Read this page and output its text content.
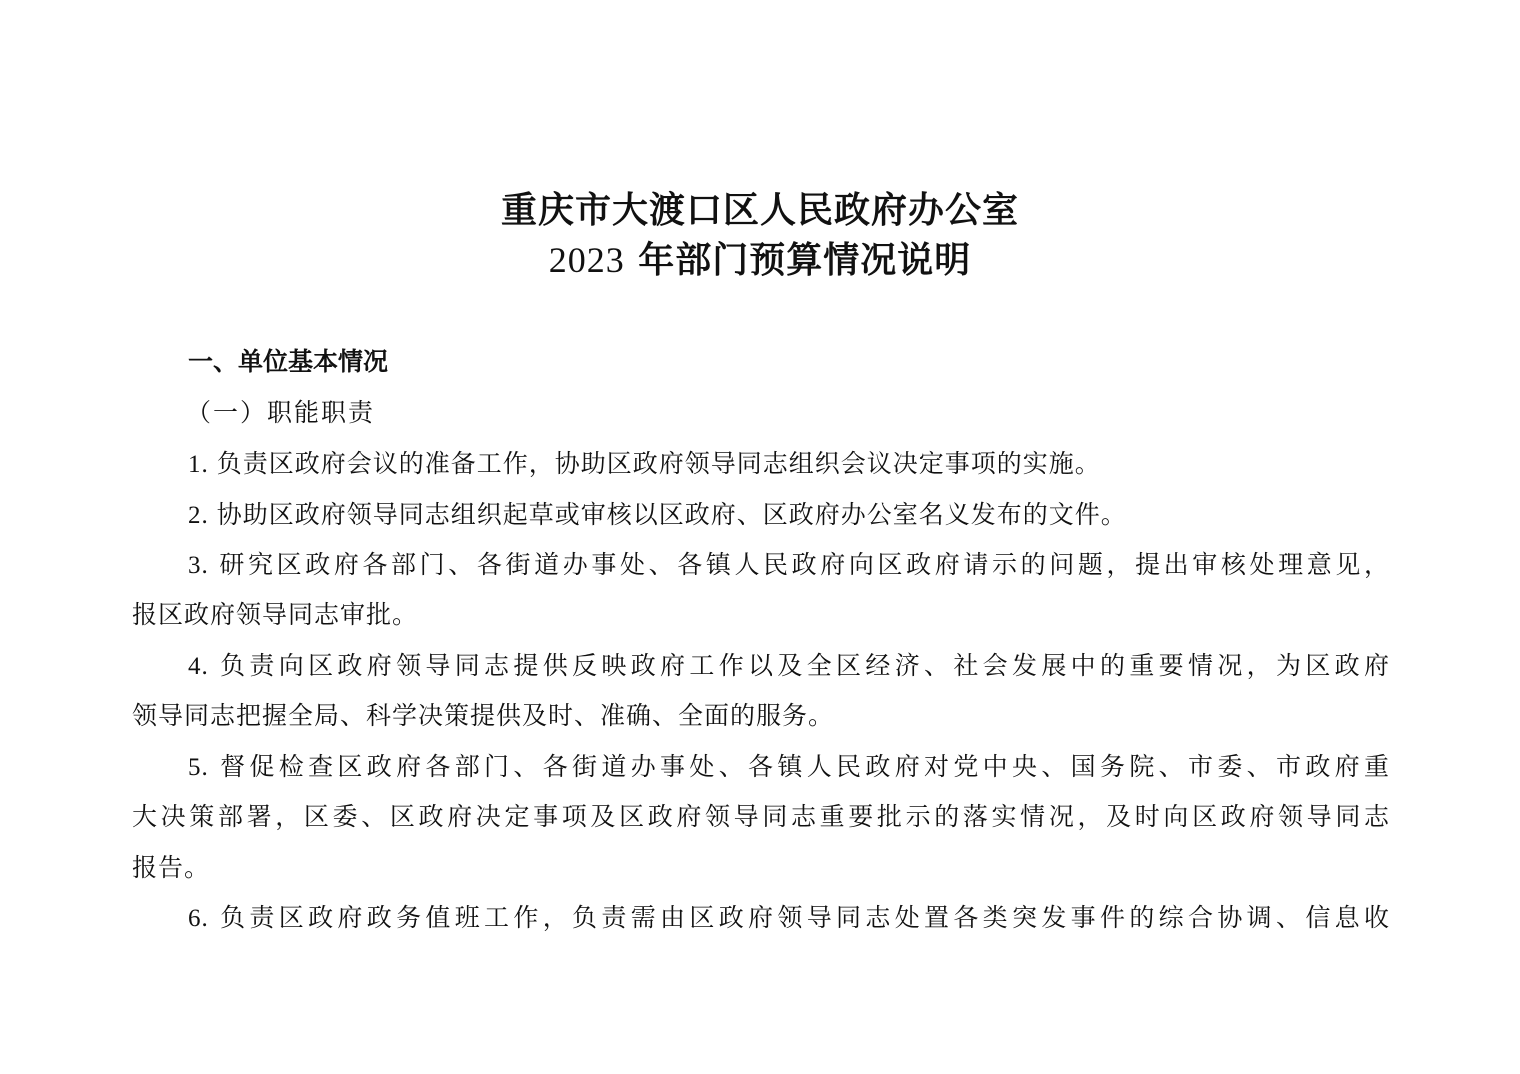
重庆市大渡口区人民政府办公室
2023 年部门预算情况说明
一、单位基本情况
（一）职能职责
1. 负责区政府会议的准备工作，协助区政府领导同志组织会议决定事项的实施。
2. 协助区政府领导同志组织起草或审核以区政府、区政府办公室名义发布的文件。
3. 研究区政府各部门、各街道办事处、各镇人民政府向区政府请示的问题，提出审核处理意见，
报区政府领导同志审批。
4. 负责向区政府领导同志提供反映政府工作以及全区经济、社会发展中的重要情况，为区政府
领导同志把握全局、科学决策提供及时、准确、全面的服务。
5. 督促检查区政府各部门、各街道办事处、各镇人民政府对党中央、国务院、市委、市政府重
大决策部署，区委、区政府决定事项及区政府领导同志重要批示的落实情况，及时向区政府领导同志
报告。
6. 负责区政府政务值班工作，负责需由区政府领导同志处置各类突发事件的综合协调、信息收
